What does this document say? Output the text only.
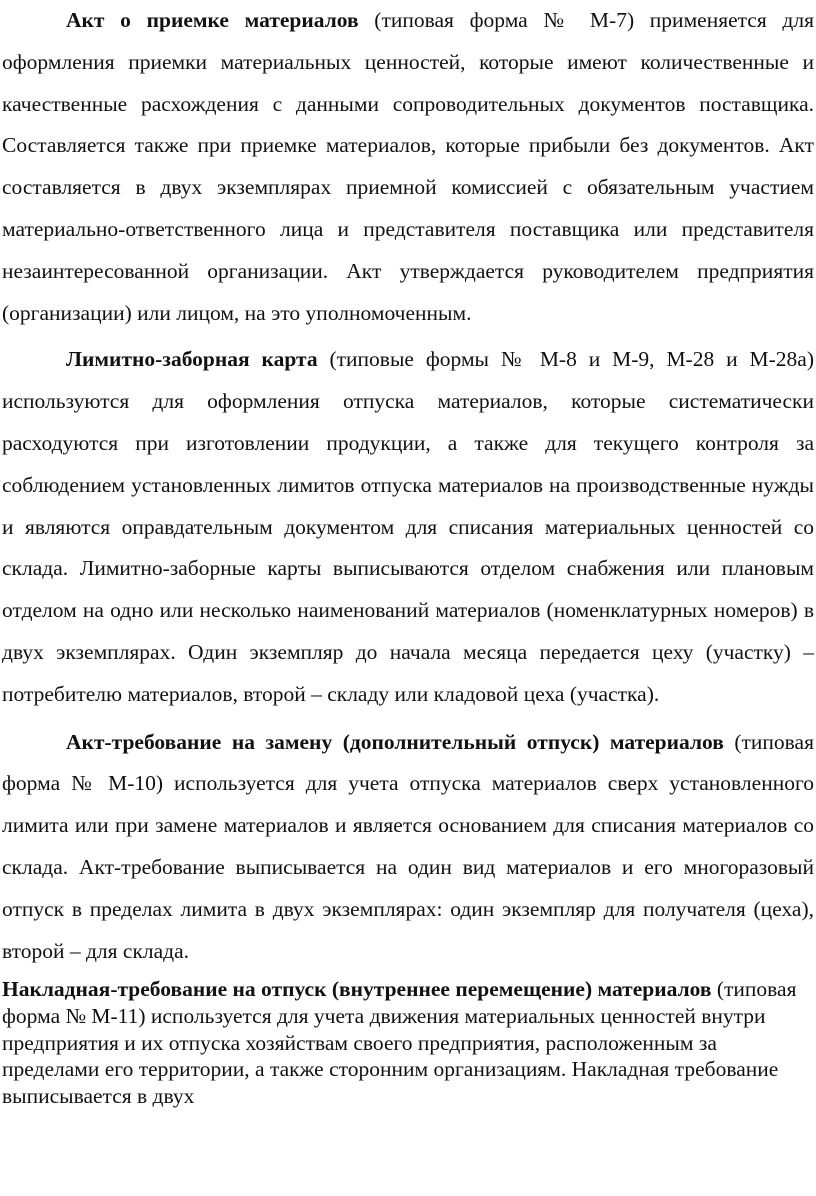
Акт о приемке материалов (типовая форма № М-7) применяется для оформления приемки материальных ценностей, которые имеют количественные и качественные расхождения с данными сопроводительных документов поставщика. Составляется также при приемке материалов, которые прибыли без документов. Акт составляется в двух экземплярах приемной комиссией с обязательным участием материально-ответственного лица и представителя поставщика или представителя незаинтересованной организации. Акт утверждается руководителем предприятия (организации) или лицом, на это уполномоченным.

Лимитно-заборная карта (типовые формы № М-8 и М-9, М-28 и М-28а) используются для оформления отпуска материалов, которые систематически расходуются при изготовлении продукции, а также для текущего контроля за соблюдением установленных лимитов отпуска материалов на производственные нужды и являются оправдательным документом для списания материальных ценностей со склада. Лимитно-заборные карты выписываются отделом снабжения или плановым отделом на одно или несколько наименований материалов (номенклатурных номеров) в двух экземплярах. Один экземпляр до начала месяца передается цеху (участку) – потребителю материалов, второй – складу или кладовой цеха (участка).

Акт-требование на замену (дополнительный отпуск) материалов (типовая форма № М-10) используется для учета отпуска материалов сверх установленного лимита или при замене материалов и является основанием для списания материалов со склада. Акт-требование выписывается на один вид материалов и его многоразовый отпуск в пределах лимита в двух экземплярах: один экземпляр для получателя (цеха), второй – для склада.

Накладная-требование на отпуск (внутреннее перемещение) материалов (типовая форма № М-11) используется для учета движения материальных ценностей внутри предприятия и их отпуска хозяйствам своего предприятия, расположенным за пределами его территории, а также сторонним организациям. Накладная требование выписывается в двух
